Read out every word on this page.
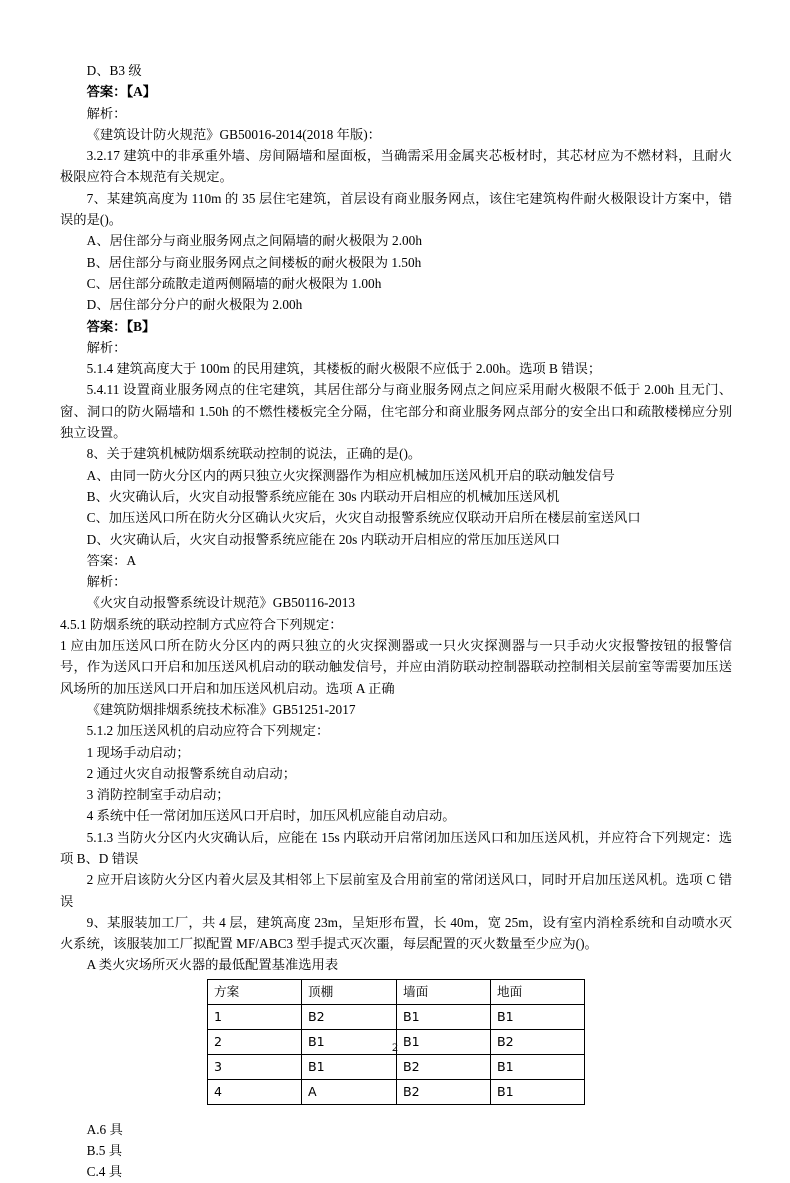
D、B3 级

答案：【A】

解析：

《建筑设计防火规范》GB50016-2014(2018 年版)：

3.2.17 建筑中的非承重外墙、房间隔墙和屋面板，当确需采用金属夹芯板材时，其芯材应为不燃材料，且耐火极限应符合本规范有关规定。

7、某建筑高度为 110m 的 35 层住宅建筑，首层设有商业服务网点，该住宅建筑构件耐火极限设计方案中，错误的是()。

A、居住部分与商业服务网点之间隔墙的耐火极限为 2.00h

B、居住部分与商业服务网点之间楼板的耐火极限为 1.50h

C、居住部分疏散走道两侧隔墙的耐火极限为 1.00h

D、居住部分分户的耐火极限为 2.00h

答案：【B】

解析：

5.1.4 建筑高度大于 100m 的民用建筑，其楼板的耐火极限不应低于 2.00h。选项 B 错误；

5.4.11 设置商业服务网点的住宅建筑，其居住部分与商业服务网点之间应采用耐火极限不低于 2.00h 且无门、窗、洞口的防火隔墙和 1.50h 的不燃性楼板完全分隔，住宅部分和商业服务网点部分的安全出口和疏散楼梯应分别独立设置。

8、关于建筑机械防烟系统联动控制的说法，正确的是()。

A、由同一防火分区内的两只独立火灾探测器作为相应机械加压送风机开启的联动触发信号

B、火灾确认后，火灾自动报警系统应能在 30s 内联动开启相应的机械加压送风机

C、加压送风口所在防火分区确认火灾后，火灾自动报警系统应仅联动开启所在楼层前室送风口

D、火灾确认后，火灾自动报警系统应能在 20s 内联动开启相应的常压加压送风口

答案：A

解析：

《火灾自动报警系统设计规范》GB50116-2013

4.5.1 防烟系统的联动控制方式应符合下列规定：

1 应由加压送风口所在防火分区内的两只独立的火灾探测器或一只火灾探测器与一只手动火灾报警按钮的报警信号，作为送风口开启和加压送风机启动的联动触发信号，并应由消防联动控制器联动控制相关层前室等需要加压送风场所的加压送风口开启和加压送风机启动。选项 A 正确

《建筑防烟排烟系统技术标准》GB51251-2017

5.1.2 加压送风机的启动应符合下列规定：

1 现场手动启动；

2 通过火灾自动报警系统自动启动；

3 消防控制室手动启动；

4 系统中任一常闭加压送风口开启时，加压风机应能自动启动。

5.1.3 当防火分区内火灾确认后，应能在 15s 内联动开启常闭加压送风口和加压送风机，并应符合下列规定：选项 B、D 错误

2 应开启该防火分区内着火层及其相邻上下层前室及合用前室的常闭送风口，同时开启加压送风机。选项 C 错误

9、某服装加工厂，共 4 层，建筑高度 23m，呈矩形布置，长 40m，宽 25m，设有室内消栓系统和自动喷水灭火系统，该服装加工厂拟配置 MF/ABC3 型手提式灭次噩，每层配置的灭火数量至少应为()。

A 类火灾场所灭火器的最低配置基准选用表

方案	顶棚	墙面	地面
1	B2	B1	B1
2	B1	B1	B2
3	B1	B2	B1
4	A	B2	B1

A.6 具

B.5 具

C.4 具

2
